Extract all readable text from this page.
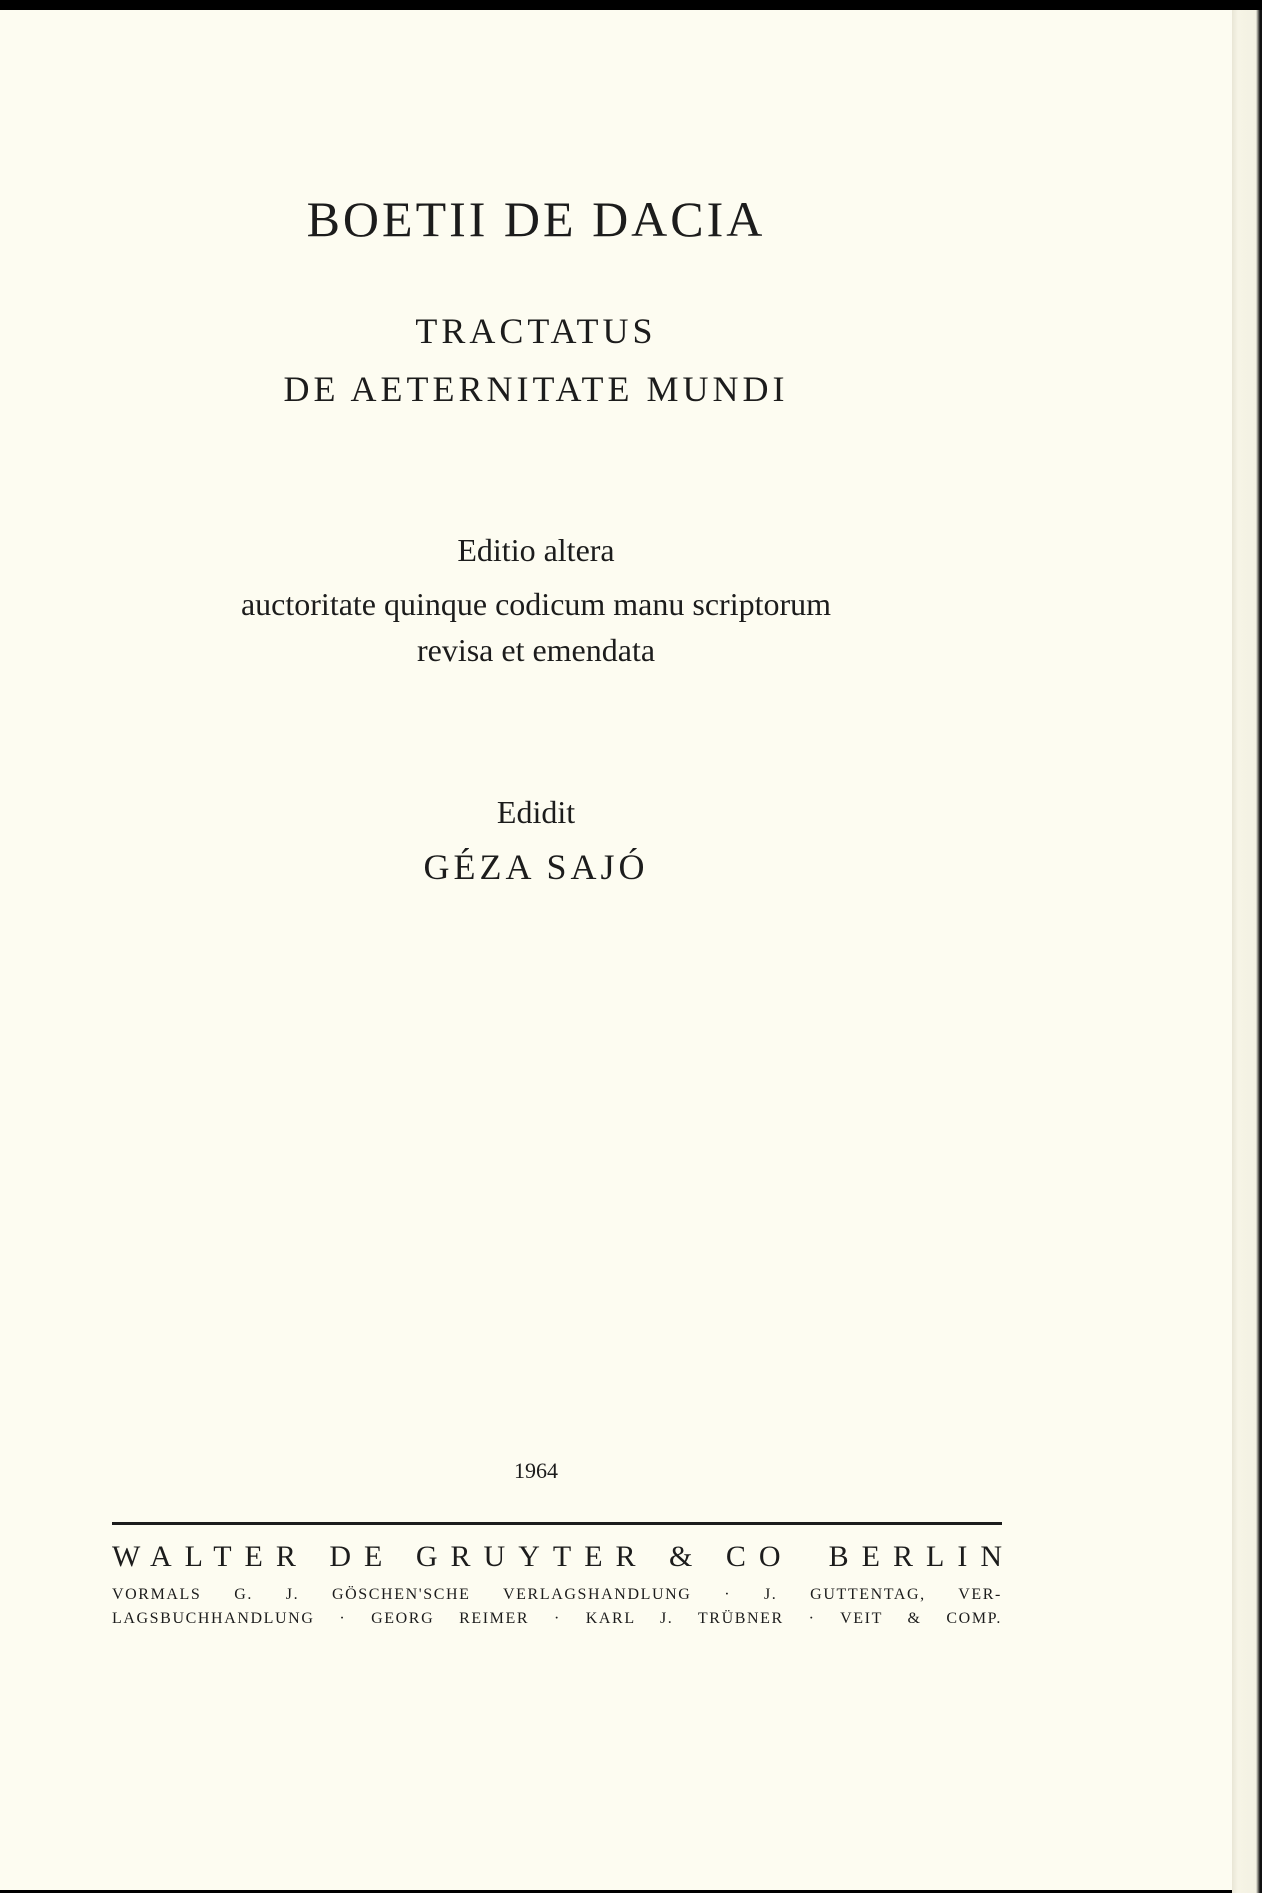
BOETII DE DACIA
TRACTATUS
DE AETERNITATE MUNDI
Editio altera
auctoritate quinque codicum manu scriptorum
revisa et emendata
Edidit
GÉZA SAJÓ
1964
WALTER DE GRUYTER & CO BERLIN
VORMALS G. J. GÖSCHEN'SCHE VERLAGSHANDLUNG · J. GUTTENTAG, VER-
LAGSBUCHHANDLUNG · GEORG REIMER · KARL J. TRÜBNER · VEIT & COMP.
